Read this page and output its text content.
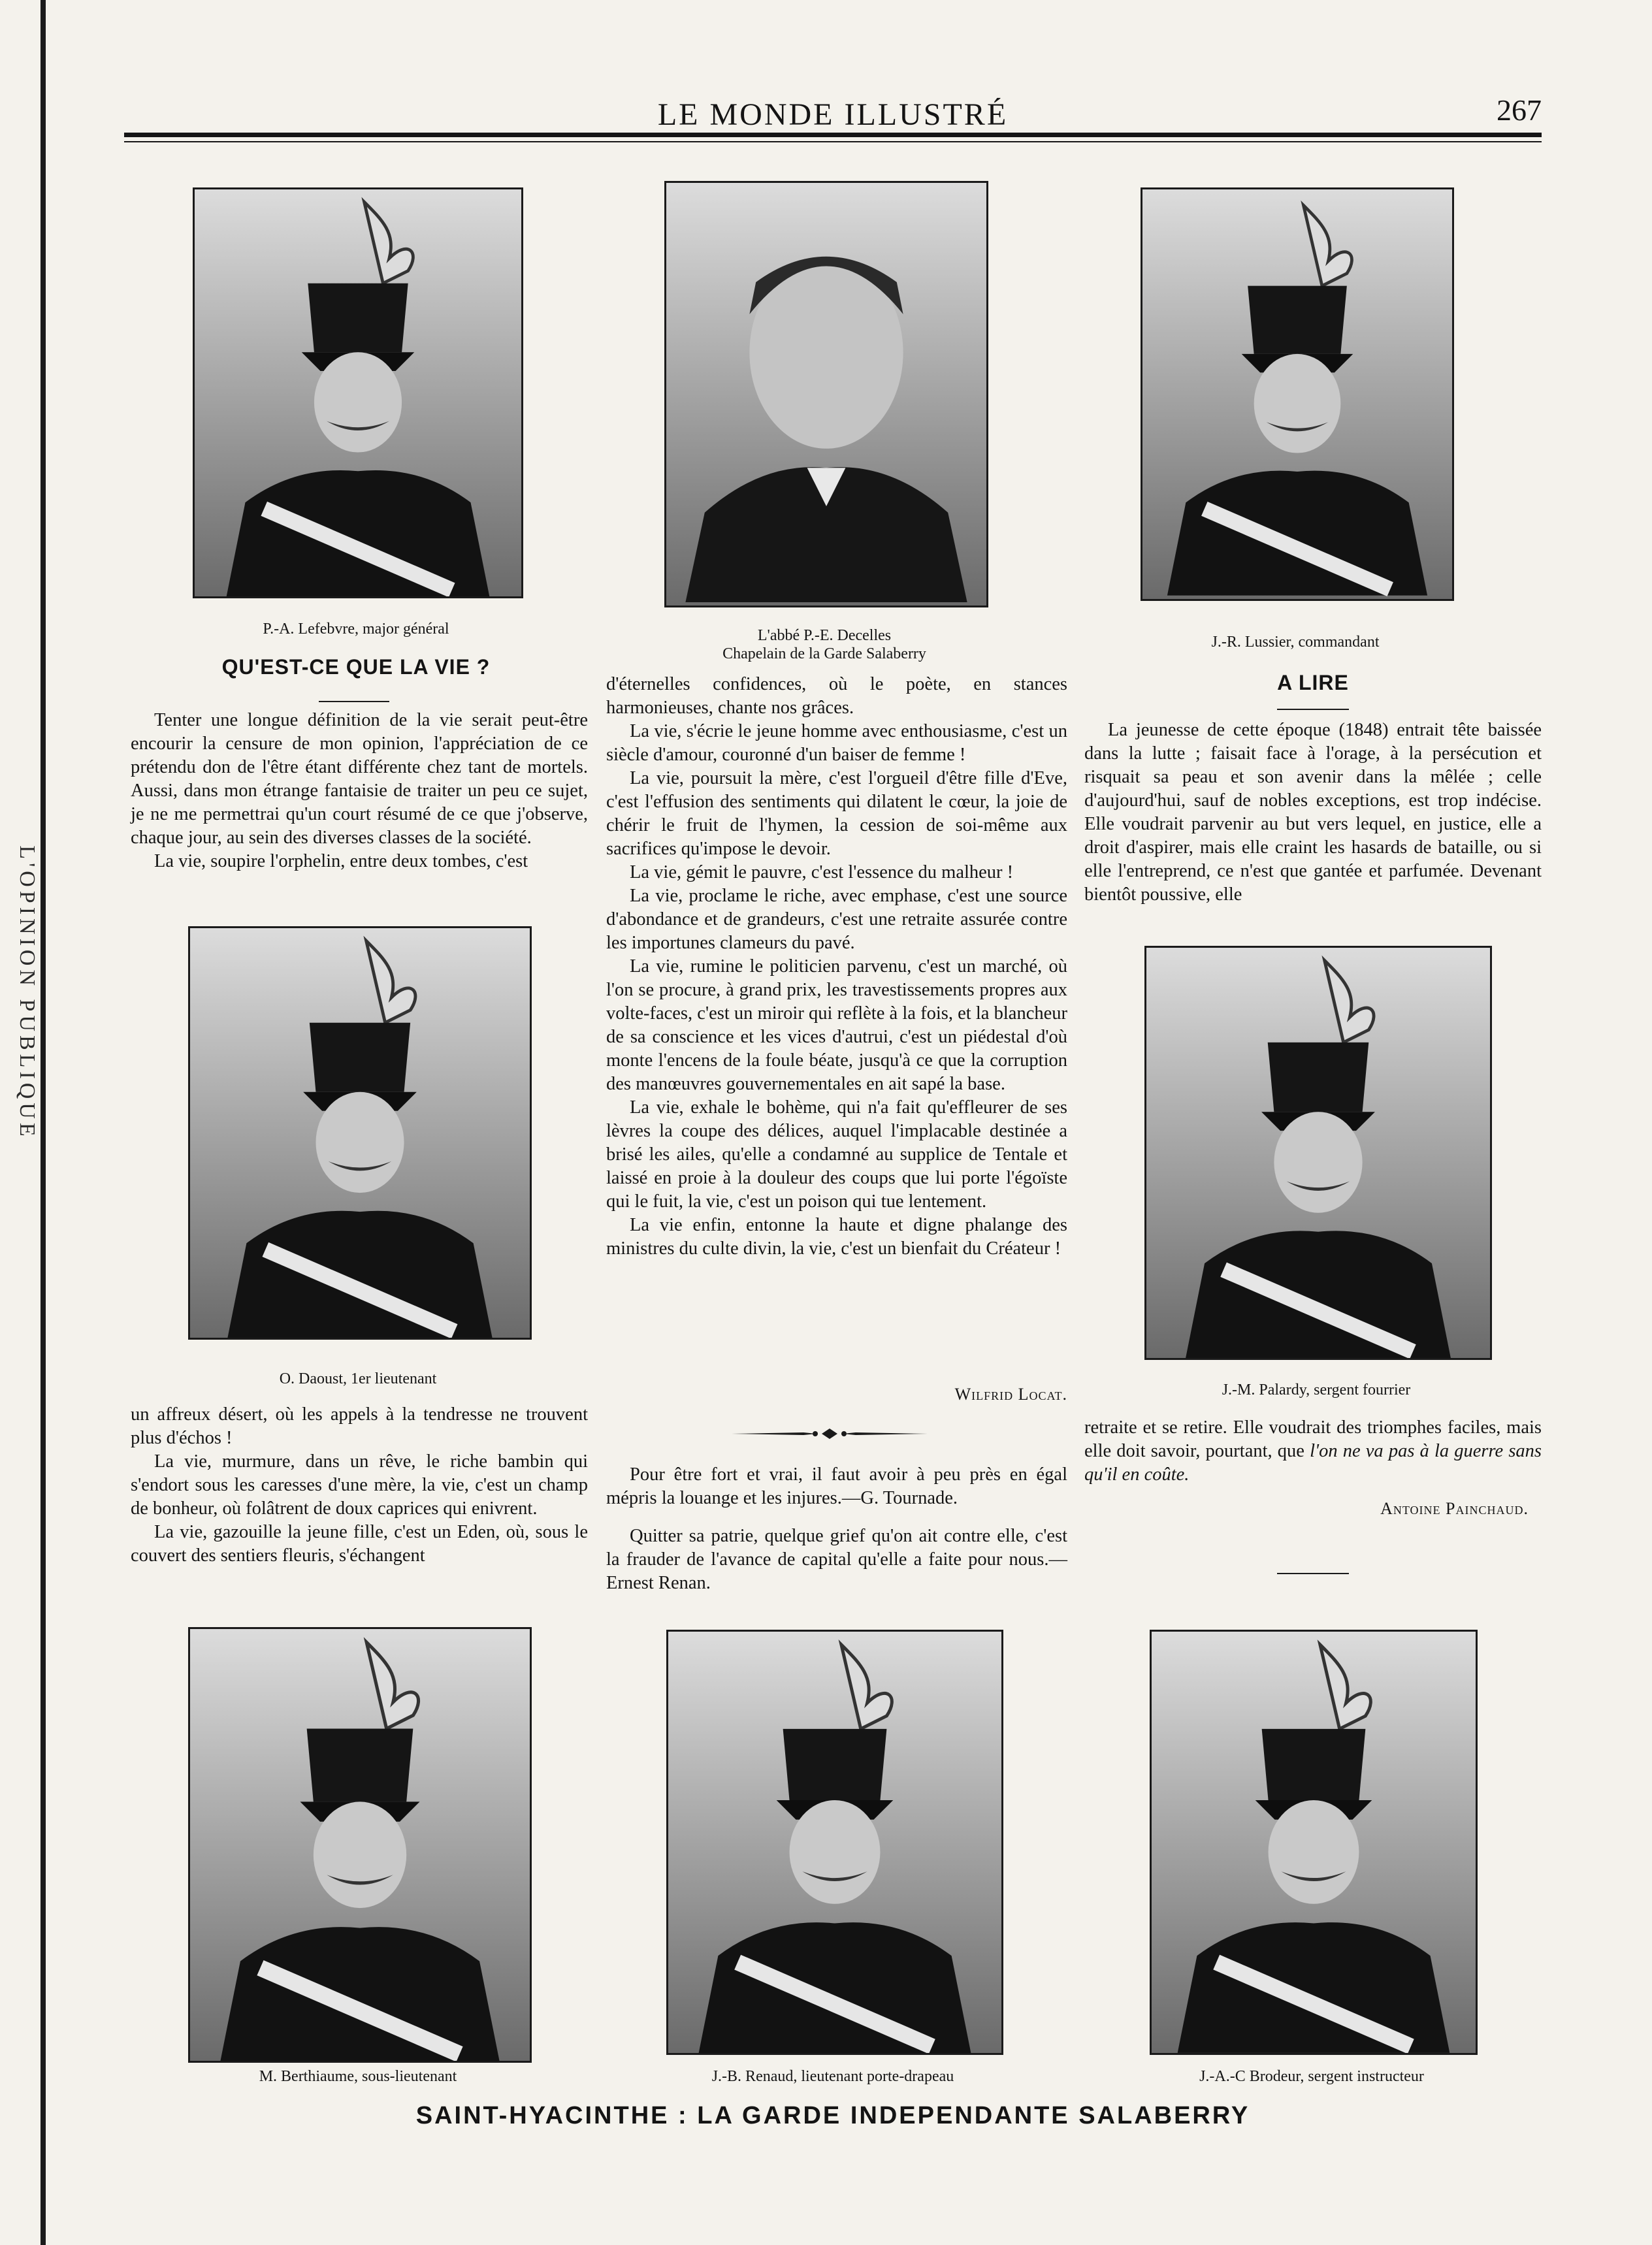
L'OPINION PUBLIQUE
LE MONDE ILLUSTRÉ	267
P.-A. Lefebvre, major général	L'abbé P.-E. Decelles
Chapelain de la Garde Salaberry
J.-R. Lussier, commandant
QU'EST-CE QUE LA VIE ?

Tenter une longue définition de la vie serait peut-être encourir la censure de mon opinion, l'appréciation de ce prétendu don de l'être étant différente chez tant de mortels. Aussi, dans mon étrange fantaisie de traiter un peu ce sujet, je ne me permettrai qu'un court résumé de ce que j'observe, chaque jour, au sein des diverses classes de la société.

La vie, soupire l'orphelin, entre deux tombes, c'est

O. Daoust, 1er lieutenant

un affreux désert, où les appels à la tendresse ne trouvent plus d'échos !

La vie, murmure, dans un rêve, le riche bambin qui s'endort sous les caresses d'une mère, la vie, c'est un champ de bonheur, où folâtrent de doux caprices qui enivrent.

La vie, gazouille la jeune fille, c'est un Eden, où, sous le couvert des sentiers fleuris, s'échangent

d'éternelles confidences, où le poète, en stances harmonieuses, chante nos grâces.

La vie, s'écrie le jeune homme avec enthousiasme, c'est un siècle d'amour, couronné d'un baiser de femme !

La vie, poursuit la mère, c'est l'orgueil d'être fille d'Eve, c'est l'effusion des sentiments qui dilatent le cœur, la joie de chérir le fruit de l'hymen, la cession de soi-même aux sacrifices qu'impose le devoir.

La vie, gémit le pauvre, c'est l'essence du malheur !

La vie, proclame le riche, avec emphase, c'est une source d'abondance et de grandeurs, c'est une retraite assurée contre les importunes clameurs du pavé.

La vie, rumine le politicien parvenu, c'est un marché, où l'on se procure, à grand prix, les travestissements propres aux volte-faces, c'est un miroir qui reflète à la fois, et la blancheur de sa conscience et les vices d'autrui, c'est un piédestal d'où monte l'encens de la foule béate, jusqu'à ce que la corruption des manœuvres gouvernementales en ait sapé la base.

La vie, exhale le bohème, qui n'a fait qu'effleurer de ses lèvres la coupe des délices, auquel l'implacable destinée a brisé les ailes, qu'elle a condamné au supplice de Tentale et laissé en proie à la douleur des coups que lui porte l'égoïste qui le fuit, la vie, c'est un poison qui tue lentement.

La vie enfin, entonne la haute et digne phalange des ministres du culte divin, la vie, c'est un bienfait du Créateur !

Wilfrid Locat.

Pour être fort et vrai, il faut avoir à peu près en égal mépris la louange et les injures.—G. Tournade.

Quitter sa patrie, quelque grief qu'on ait contre elle, c'est la frauder de l'avance de capital qu'elle a faite pour nous.—Ernest Renan.

A LIRE

La jeunesse de cette époque (1848) entrait tête baissée dans la lutte ; faisait face à l'orage, à la persécution et risquait sa peau et son avenir dans la mêlée ; celle d'aujourd'hui, sauf de nobles exceptions, est trop indécise. Elle voudrait parvenir au but vers lequel, en justice, elle a droit d'aspirer, mais elle craint les hasards de bataille, ou si elle l'entreprend, ce n'est que gantée et parfumée. Devenant bientôt poussive, elle

J.-M. Palardy, sergent fourrier

retraite et se retire. Elle voudrait des triomphes faciles, mais elle doit savoir, pourtant, que l'on ne va pas à la guerre sans qu'il en coûte.

Antoine Painchaud.
M. Berthiaume, sous-lieutenant	J.-B. Renaud, lieutenant porte-drapeau	J.-A.-C Brodeur, sergent instructeur
SAINT-HYACINTHE : LA GARDE INDEPENDANTE SALABERRY
